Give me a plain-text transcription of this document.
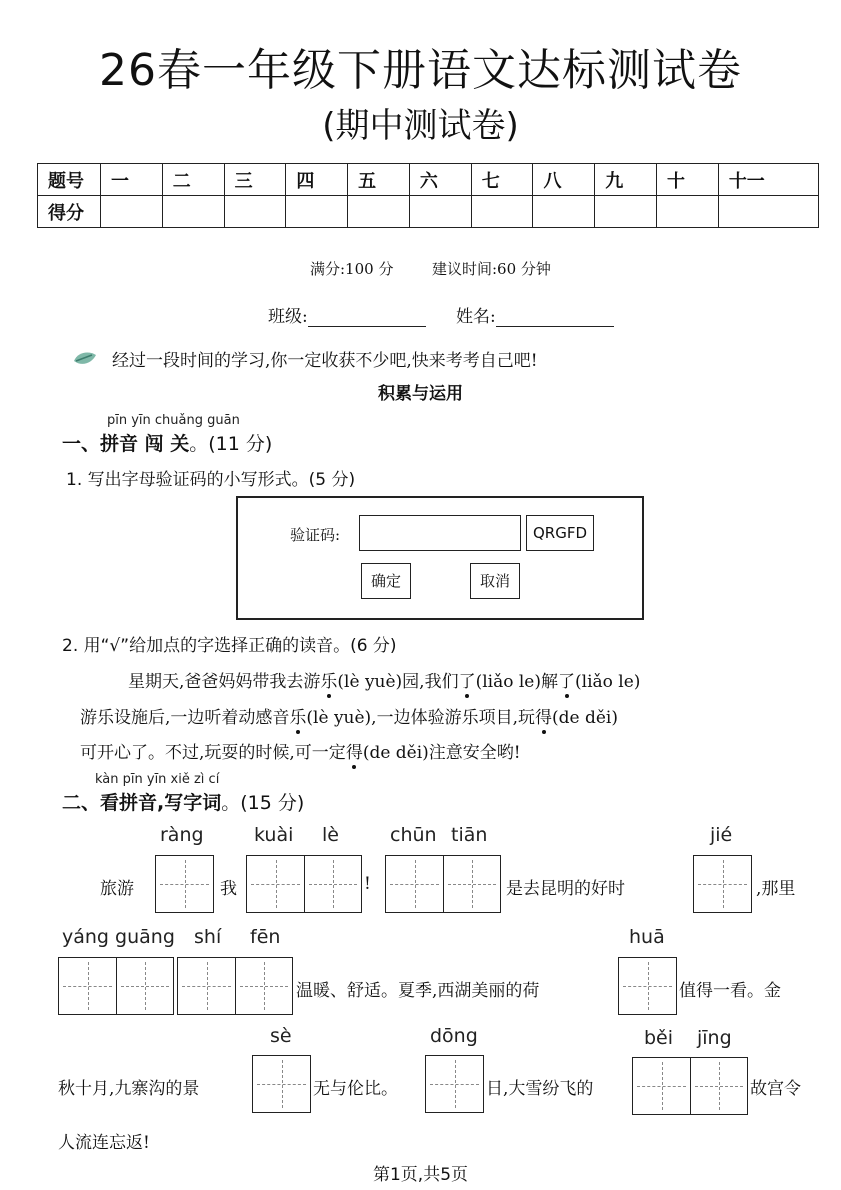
26春一年级下册语文达标测试卷
(期中测试卷)
题号	一	二	三	四	五	六	七	八	九	十	十一
得分											
满分:100 分	建议时间:60 分钟
班级:	姓名:
经过一段时间的学习,你一定收获不少吧,快来考考自己吧!
积累与运用
pīn yīn chuǎng guān
一、拼音 闯 关。(11 分)
1. 写出字母验证码的小写形式。(5 分)
验证码:	QRGFD
确定	取消
2. 用“√”给加点的字选择正确的读音。(6 分)
星期天,爸爸妈妈带我去游乐(lè yuè)园,我们了(liǎo le)解了(liǎo le)
游乐设施后,一边听着动感音乐(lè yuè),一边体验游乐项目,玩得(de děi)
可开心了。不过,玩耍的时候,可一定得(de děi)注意安全哟!
kàn pīn yīn xiě zì cí
二、看拼音,写字词。(15 分)
ràng	kuài lè	chūn tiān	jié
旅游	我	!	是去昆明的好时	,那里
yáng guāng shí fēn	huā
温暖、舒适。夏季,西湖美丽的荷	值得一看。金
sè	dōng	běi jīng
秋十月,九寨沟的景	无与伦比。	日,大雪纷飞的	故宫令
人流连忘返!
第1页,共5页
